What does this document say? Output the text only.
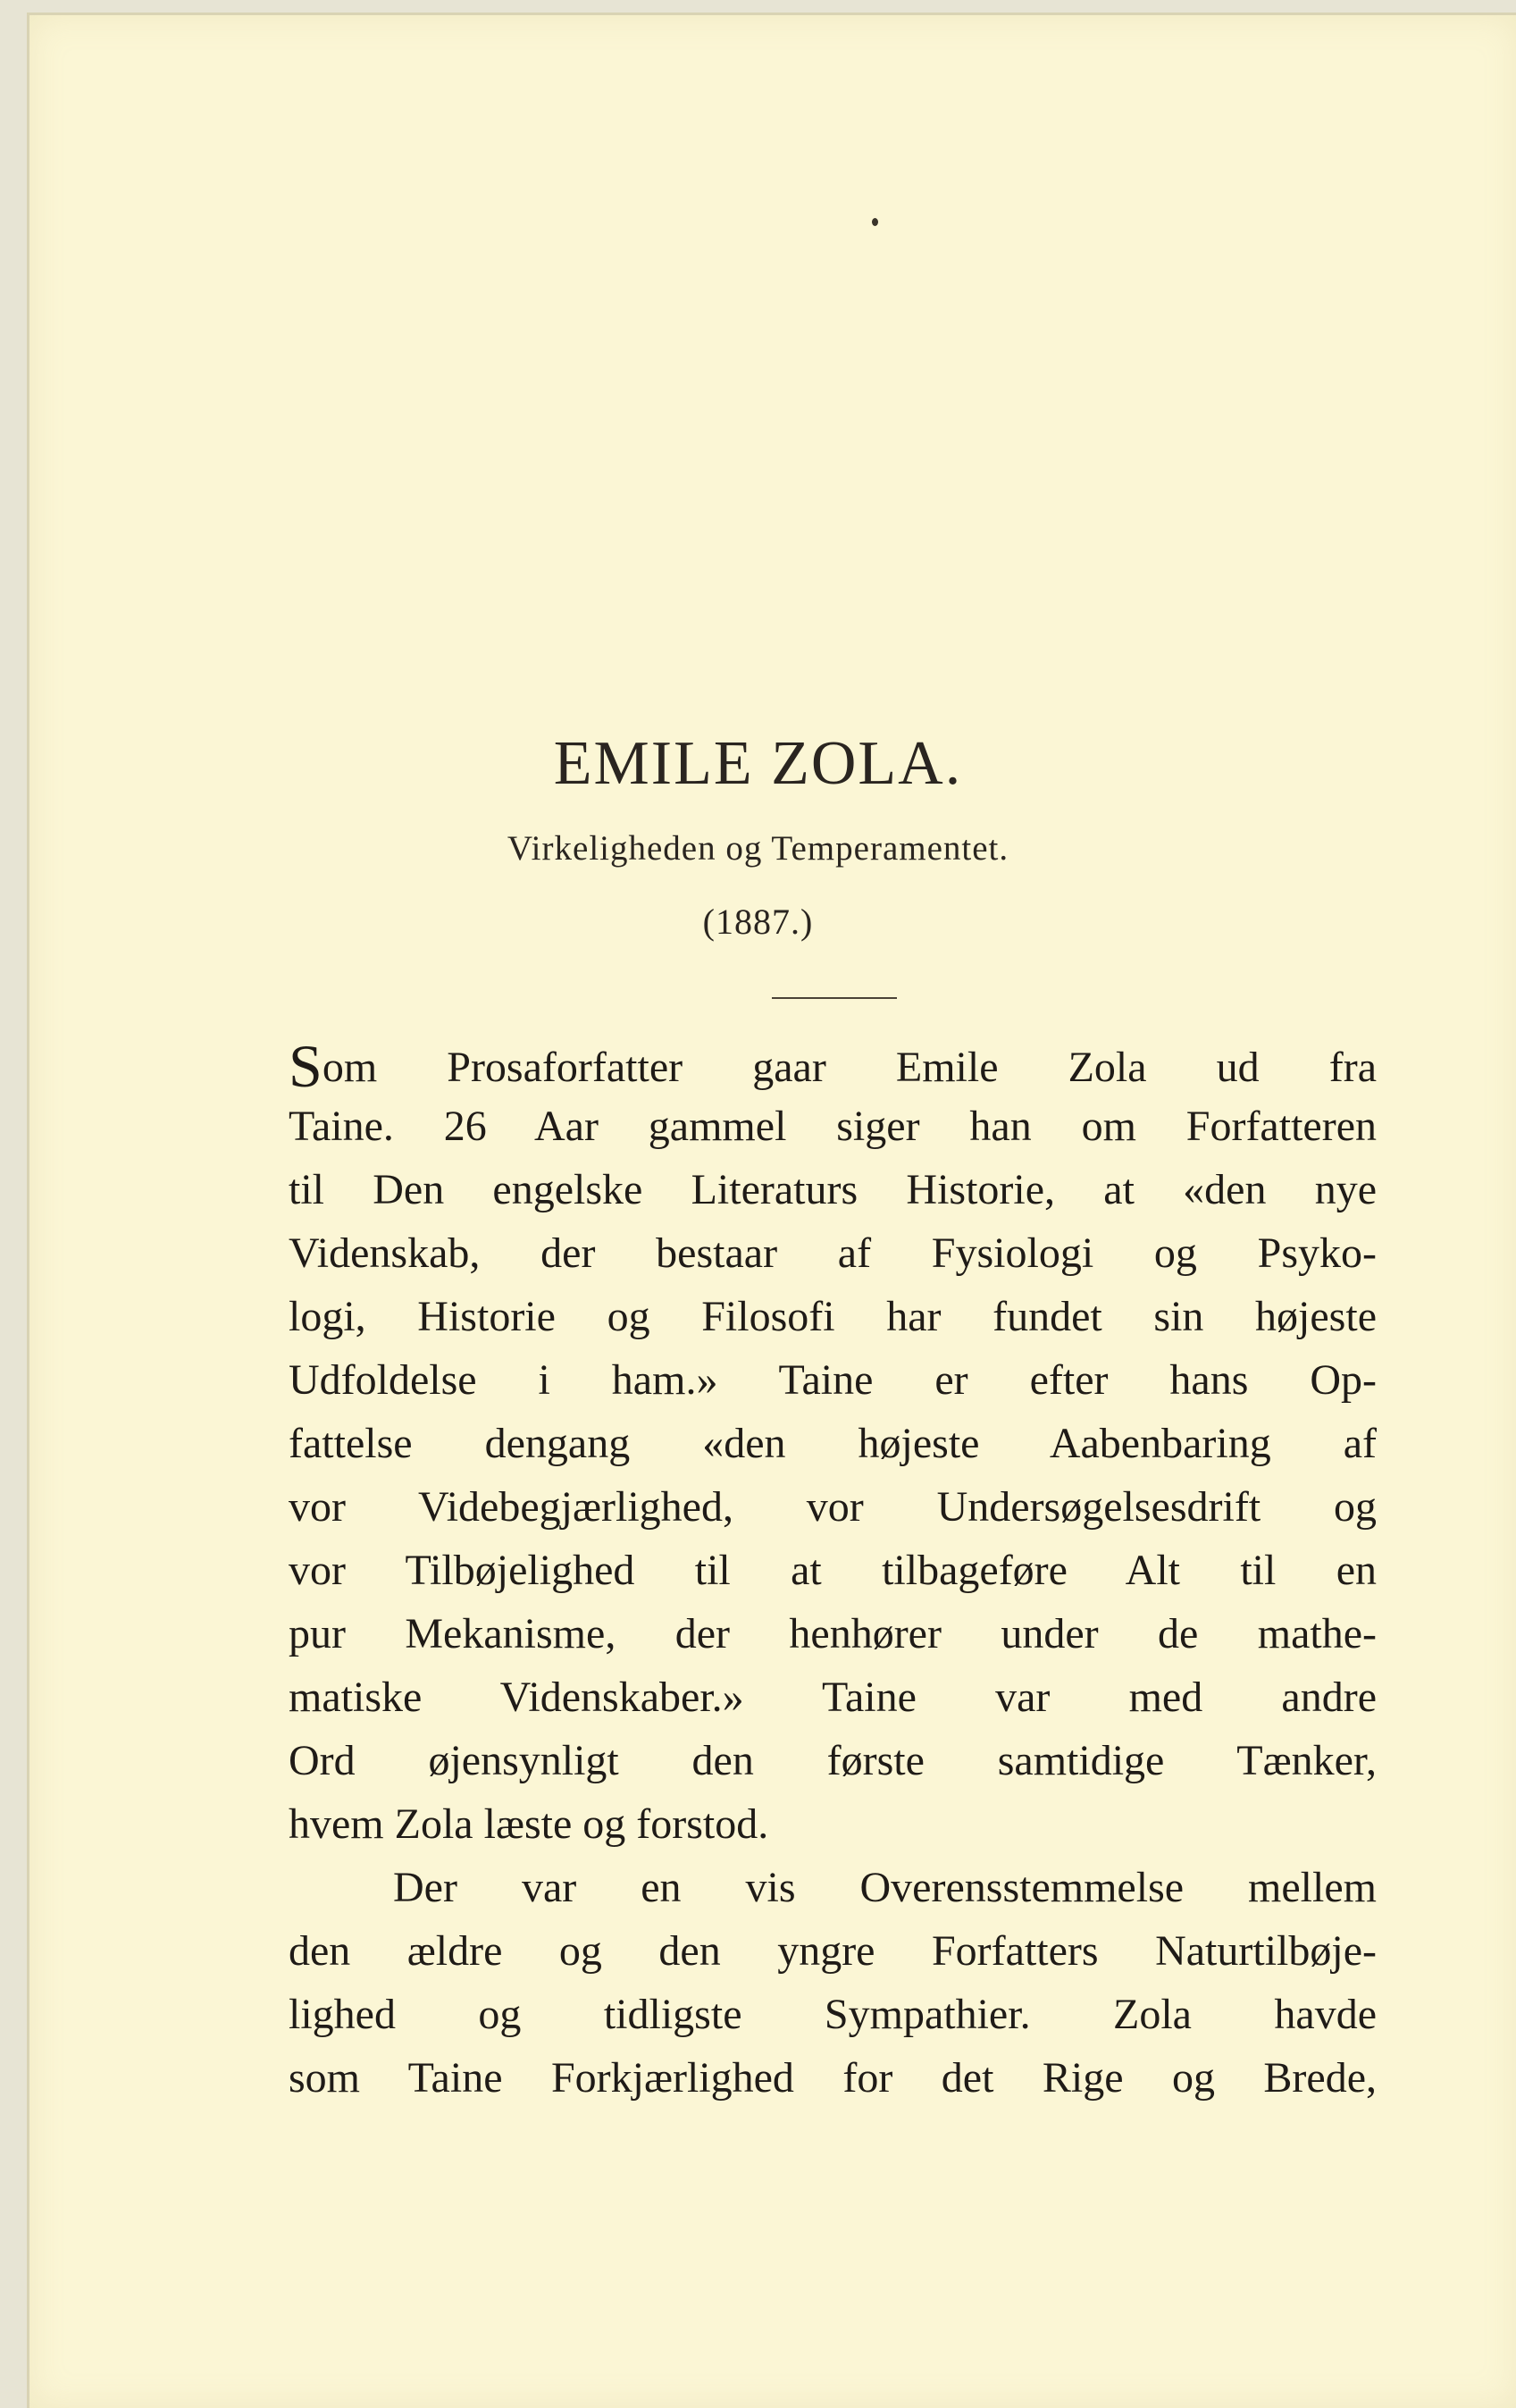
EMILE ZOLA.
Virkeligheden og Temperamentet.
(1887.)
Som Prosaforfatter gaar Emile Zola ud fra
Taine. 26 Aar gammel siger han om Forfatteren
til Den engelske Literaturs Historie, at «den nye
Videnskab, der bestaar af Fysiologi og Psyko-
logi, Historie og Filosofi har fundet sin højeste
Udfoldelse i ham.» Taine er efter hans Op-
fattelse dengang «den højeste Aabenbaring af
vor Videbegjærlighed, vor Undersøgelsesdrift og
vor Tilbøjelighed til at tilbageføre Alt til en
pur Mekanisme, der henhører under de mathe-
matiske Videnskaber.» Taine var med andre
Ord øjensynligt den første samtidige Tænker,
hvem Zola læste og forstod.
Der var en vis Overensstemmelse mellem
den ældre og den yngre Forfatters Naturtilbøje-
lighed og tidligste Sympathier. Zola havde
som Taine Forkjærlighed for det Rige og Brede,
